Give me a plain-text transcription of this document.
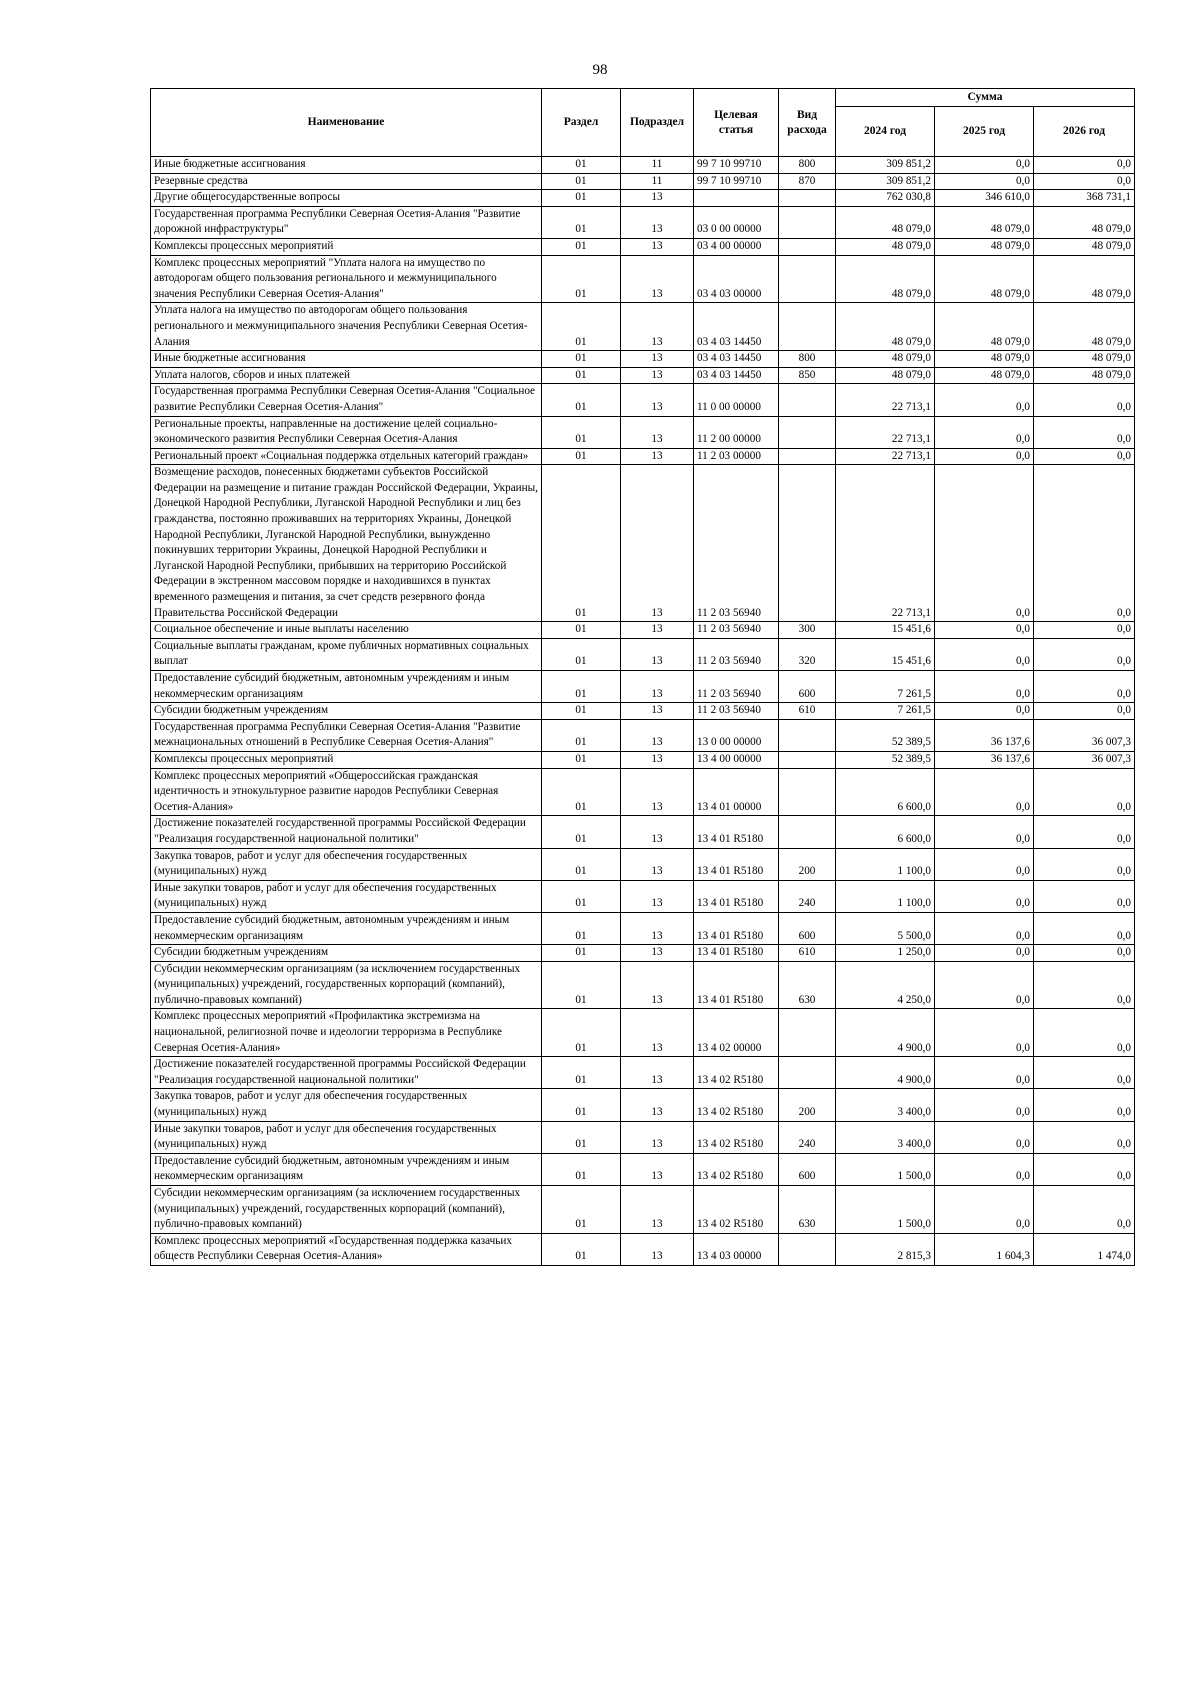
98
Наименование	Раздел	Подраздел	Целевая статья	Вид расхода	Сумма		
					2024 год	2025 год	2026 год
Иные бюджетные ассигнования	01	11	99 7 10 99710	800	309 851,2	0,0	0,0
Резервные средства	01	11	99 7 10 99710	870	309 851,2	0,0	0,0
Другие общегосударственные вопросы	01	13			762 030,8	346 610,0	368 731,1
Государственная программа Республики Северная Осетия-Алания "Развитие дорожной инфраструктуры"	01	13	03 0 00 00000		48 079,0	48 079,0	48 079,0
Комплексы процессных мероприятий	01	13	03 4 00 00000		48 079,0	48 079,0	48 079,0
Комплекс процессных мероприятий "Уплата налога на имущество по автодорогам общего пользования регионального и межмуниципального значения Республики Северная Осетия-Алания"	01	13	03 4 03 00000		48 079,0	48 079,0	48 079,0
Уплата налога на имущество по автодорогам общего пользования регионального и межмуниципального значения Республики Северная Осетия-Алания	01	13	03 4 03 14450		48 079,0	48 079,0	48 079,0
Иные бюджетные ассигнования	01	13	03 4 03 14450	800	48 079,0	48 079,0	48 079,0
Уплата налогов, сборов и иных платежей	01	13	03 4 03 14450	850	48 079,0	48 079,0	48 079,0
Государственная программа Республики Северная Осетия-Алания "Социальное развитие Республики Северная Осетия-Алания"	01	13	11 0 00 00000		22 713,1	0,0	0,0
Региональные проекты, направленные на достижение целей социально-экономического развития Республики Северная Осетия-Алания	01	13	11 2 00 00000		22 713,1	0,0	0,0
Региональный проект «Социальная поддержка отдельных категорий граждан»	01	13	11 2 03 00000		22 713,1	0,0	0,0
Возмещение расходов, понесенных бюджетами субъектов Российской Федерации на размещение и питание граждан Российской Федерации, Украины, Донецкой Народной Республики, Луганской Народной Республики и лиц без гражданства, постоянно проживавших на территориях Украины, Донецкой Народной Республики, Луганской Народной Республики, вынужденно покинувших территории Украины, Донецкой Народной Республики и Луганской Народной Республики, прибывших на территорию Российской Федерации в экстренном массовом порядке и находившихся в пунктах временного размещения и питания, за счет средств резервного фонда Правительства Российской Федерации	01	13	11 2 03 56940		22 713,1	0,0	0,0
Социальное обеспечение и иные выплаты населению	01	13	11 2 03 56940	300	15 451,6	0,0	0,0
Социальные выплаты гражданам, кроме публичных нормативных социальных выплат	01	13	11 2 03 56940	320	15 451,6	0,0	0,0
Предоставление субсидий бюджетным, автономным учреждениям и иным некоммерческим организациям	01	13	11 2 03 56940	600	7 261,5	0,0	0,0
Субсидии бюджетным учреждениям	01	13	11 2 03 56940	610	7 261,5	0,0	0,0
Государственная программа Республики Северная Осетия-Алания "Развитие межнациональных отношений в Республике Северная Осетия-Алания"	01	13	13 0 00 00000		52 389,5	36 137,6	36 007,3
Комплексы процессных мероприятий	01	13	13 4 00 00000		52 389,5	36 137,6	36 007,3
Комплекс процессных мероприятий «Общероссийская гражданская идентичность и этнокультурное развитие народов Республики Северная Осетия-Алания»	01	13	13 4 01 00000		6 600,0	0,0	0,0
Достижение показателей государственной программы Российской Федерации "Реализация государственной национальной политики"	01	13	13 4 01 R5180		6 600,0	0,0	0,0
Закупка товаров, работ и услуг для обеспечения государственных (муниципальных) нужд	01	13	13 4 01 R5180	200	1 100,0	0,0	0,0
Иные закупки товаров, работ и услуг для обеспечения государственных (муниципальных) нужд	01	13	13 4 01 R5180	240	1 100,0	0,0	0,0
Предоставление субсидий бюджетным, автономным учреждениям и иным некоммерческим организациям	01	13	13 4 01 R5180	600	5 500,0	0,0	0,0
Субсидии бюджетным учреждениям	01	13	13 4 01 R5180	610	1 250,0	0,0	0,0
Субсидии некоммерческим организациям (за исключением государственных (муниципальных) учреждений, государственных корпораций (компаний), публично-правовых компаний)	01	13	13 4 01 R5180	630	4 250,0	0,0	0,0
Комплекс процессных мероприятий «Профилактика экстремизма на национальной, религиозной почве и идеологии терроризма в Республике Северная Осетия-Алания»	01	13	13 4 02 00000		4 900,0	0,0	0,0
Достижение показателей государственной программы Российской Федерации "Реализация государственной национальной политики"	01	13	13 4 02 R5180		4 900,0	0,0	0,0
Закупка товаров, работ и услуг для обеспечения государственных (муниципальных) нужд	01	13	13 4 02 R5180	200	3 400,0	0,0	0,0
Иные закупки товаров, работ и услуг для обеспечения государственных (муниципальных) нужд	01	13	13 4 02 R5180	240	3 400,0	0,0	0,0
Предоставление субсидий бюджетным, автономным учреждениям и иным некоммерческим организациям	01	13	13 4 02 R5180	600	1 500,0	0,0	0,0
Субсидии некоммерческим организациям (за исключением государственных (муниципальных) учреждений, государственных корпораций (компаний), публично-правовых компаний)	01	13	13 4 02 R5180	630	1 500,0	0,0	0,0
Комплекс процессных мероприятий «Государственная поддержка казачьих обществ Республики Северная Осетия-Алания»	01	13	13 4 03 00000		2 815,3	1 604,3	1 474,0
